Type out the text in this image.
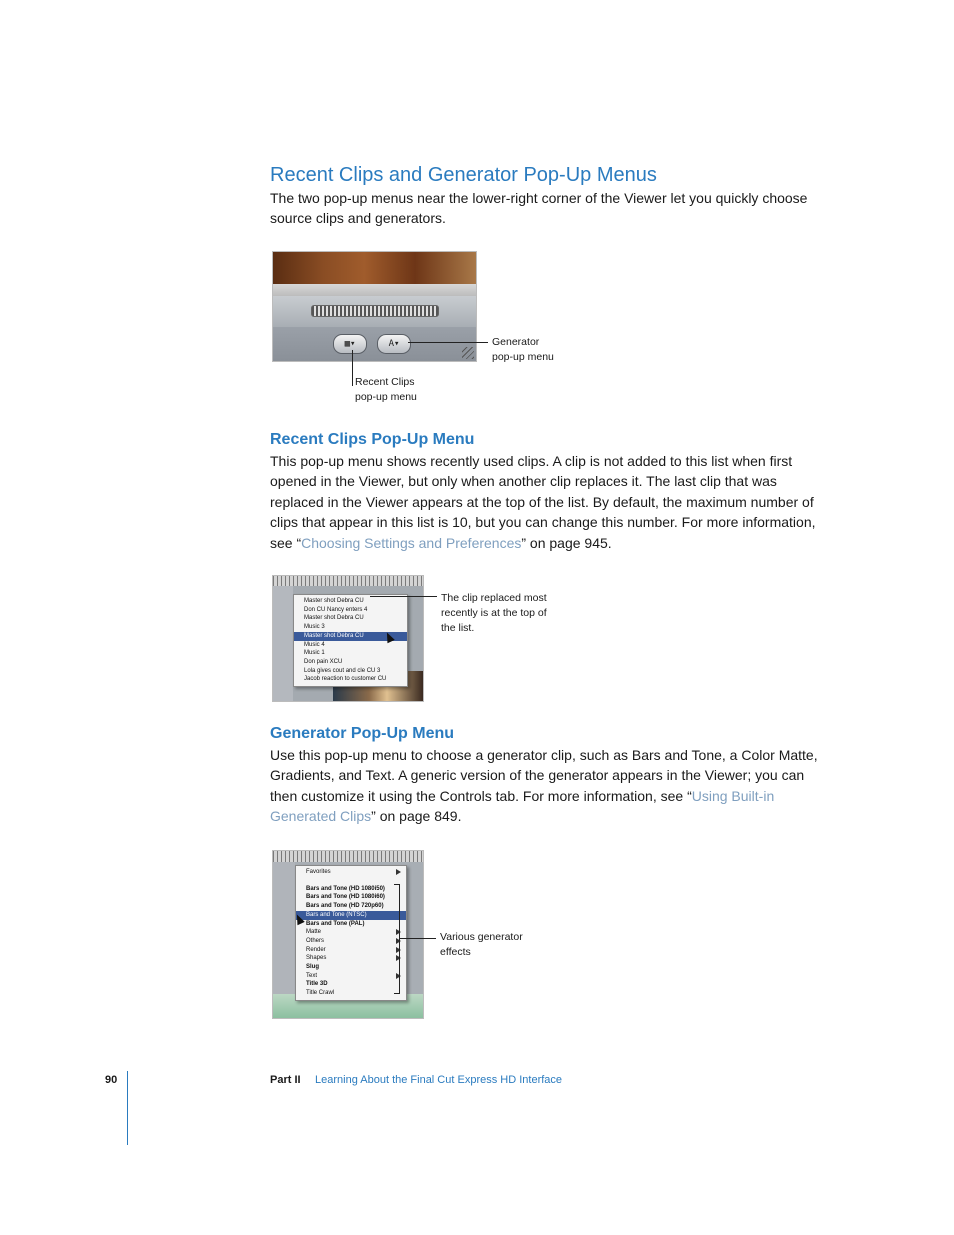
Recent Clips and Generator Pop-Up Menus
The two pop-up menus near the lower-right corner of the Viewer let you quickly choose source clips and generators.
▦▾	A▾	Generator
pop-up menu
Recent Clips
pop-up menu
Recent Clips Pop-Up Menu
This pop-up menu shows recently used clips. A clip is not added to this list when first opened in the Viewer, but only when another clip replaces it. The last clip that was replaced in the Viewer appears at the top of the list. By default, the maximum number of clips that appear in this list is 10, but you can change this number. For more information, see “Choosing Settings and Preferences” on page 945.
Master shot Debra CU
Don CU Nancy enters 4
Master shot Debra CU
Music 3
Master shot Debra CU
Music 4
Music 1
Don pain XCU
Lola gives cout and cle CU 3
Jacob reaction to customer CU
The clip replaced most
recently is at the top of
the list.
Generator Pop-Up Menu
Use this pop-up menu to choose a generator clip, such as Bars and Tone, a Color Matte, Gradients, and Text. A generic version of the generator appears in the Viewer; you can then customize it using the Controls tab. For more information, see “Using Built-in Generated Clips” on page 849.
Favorites
Bars and Tone (HD 1080i50)
Bars and Tone (HD 1080i60)
Bars and Tone (HD 720p60)
Bars and Tone (NTSC)
Bars and Tone (PAL)
Matte
Others
Render
Shapes
Slug
Text
Title 3D
Title Crawl
Various generator
effects
90	Part II Learning About the Final Cut Express HD Interface
